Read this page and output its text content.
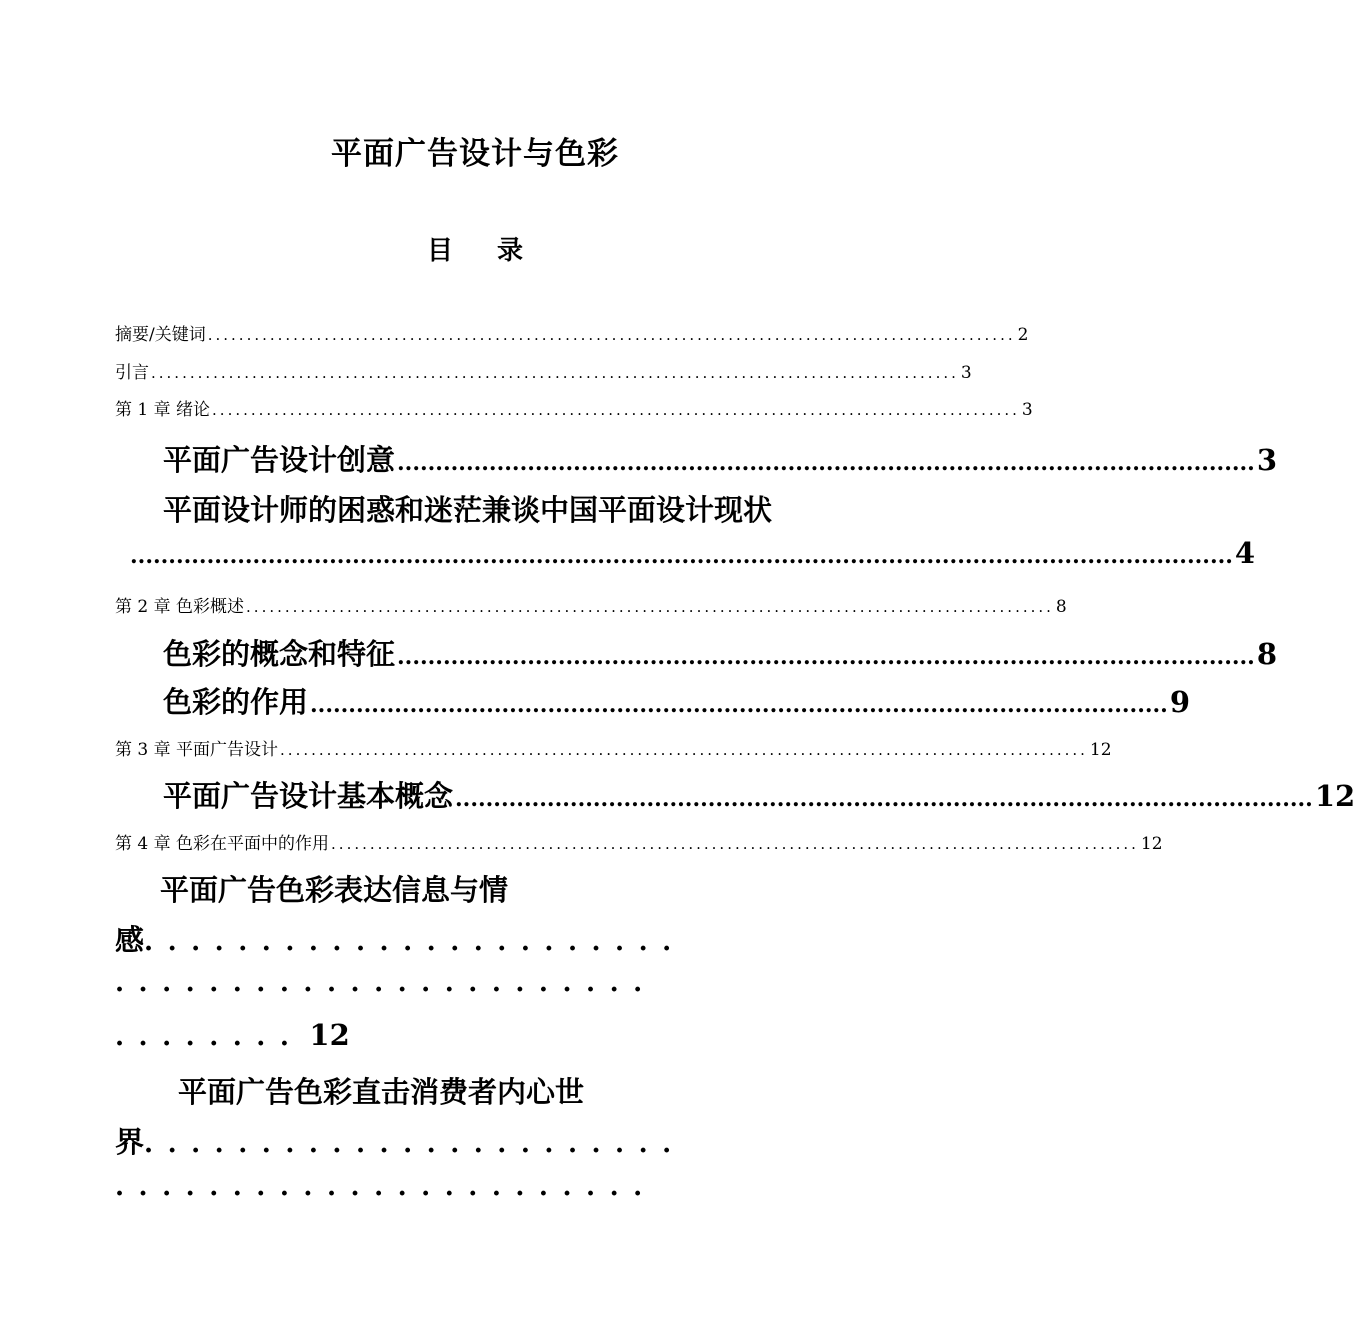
平面广告设计与色彩
目 录
摘要/关键词 ........................................................................................................ 2
引言 ........................................................................................................ 3
第 1 章 绪论 ........................................................................................................ 3
平面广告设计创意 ................................................................................................................ 3
平面设计师的困惑和迷茫兼谈中国平面设计现状
................................................................................................................................................ 4
第 2 章 色彩概述 ........................................................................................................ 8
色彩的概念和特征 ................................................................................................................ 8
色彩的作用 ................................................................................................................ 9
第 3 章 平面广告设计 ........................................................................................................ 12
平面广告设计基本概念 ................................................................................................................ 12
第 4 章 色彩在平面中的作用 ........................................................................................................ 12
平面广告色彩表达信息与情
感.......................
.......................
........ 12
平面广告色彩直击消费者内心世
界.......................
.......................
